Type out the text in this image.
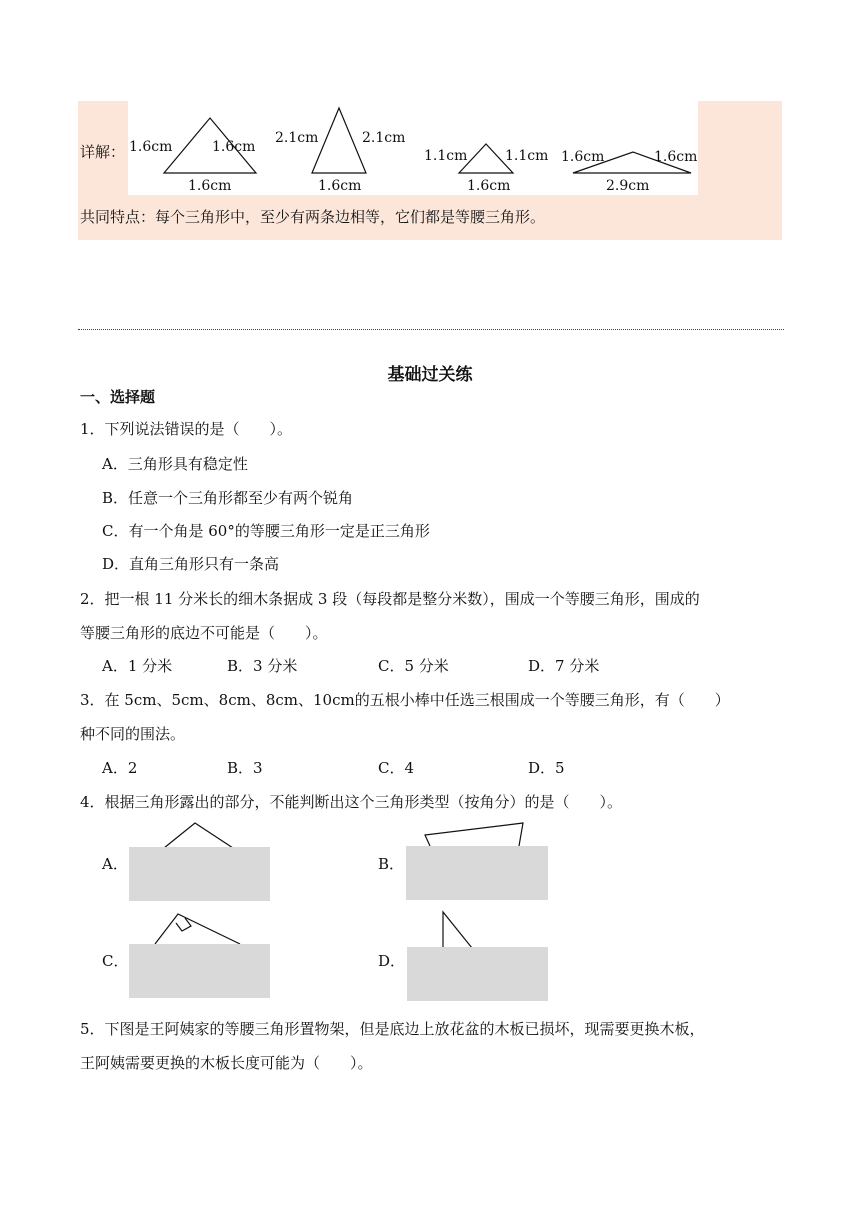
1.6cm	1.6cm
1.6cm
2.1cm	2.1cm
1.6cm
1.1cm	1.1cm
1.6cm
1.6cm	1.6cm
2.9cm
详解：
共同特点：每个三角形中，至少有两条边相等，它们都是等腰三角形。
基础过关练
一、选择题
1．下列说法错误的是（　　）。
A．三角形具有稳定性
B．任意一个三角形都至少有两个锐角
C．有一个角是 60°的等腰三角形一定是正三角形
D．直角三角形只有一条高
2．把一根 11 分米长的细木条据成 3 段（每段都是整分米数），围成一个等腰三角形，围成的
等腰三角形的底边不可能是（　　）。
A．1 分米	B．3 分米	C．5 分米	D．7 分米
3．在 5cm、5cm、8cm、8cm、10cm的五根小棒中任选三根围成一个等腰三角形，有（　　）
种不同的围法。
A．2	B．3	C．4	D．5
4．根据三角形露出的部分，不能判断出这个三角形类型（按角分）的是（　　）。
A．	B．
C．	D．
5．下图是王阿姨家的等腰三角形置物架，但是底边上放花盆的木板已损坏，现需要更换木板，
王阿姨需要更换的木板长度可能为（　　）。
